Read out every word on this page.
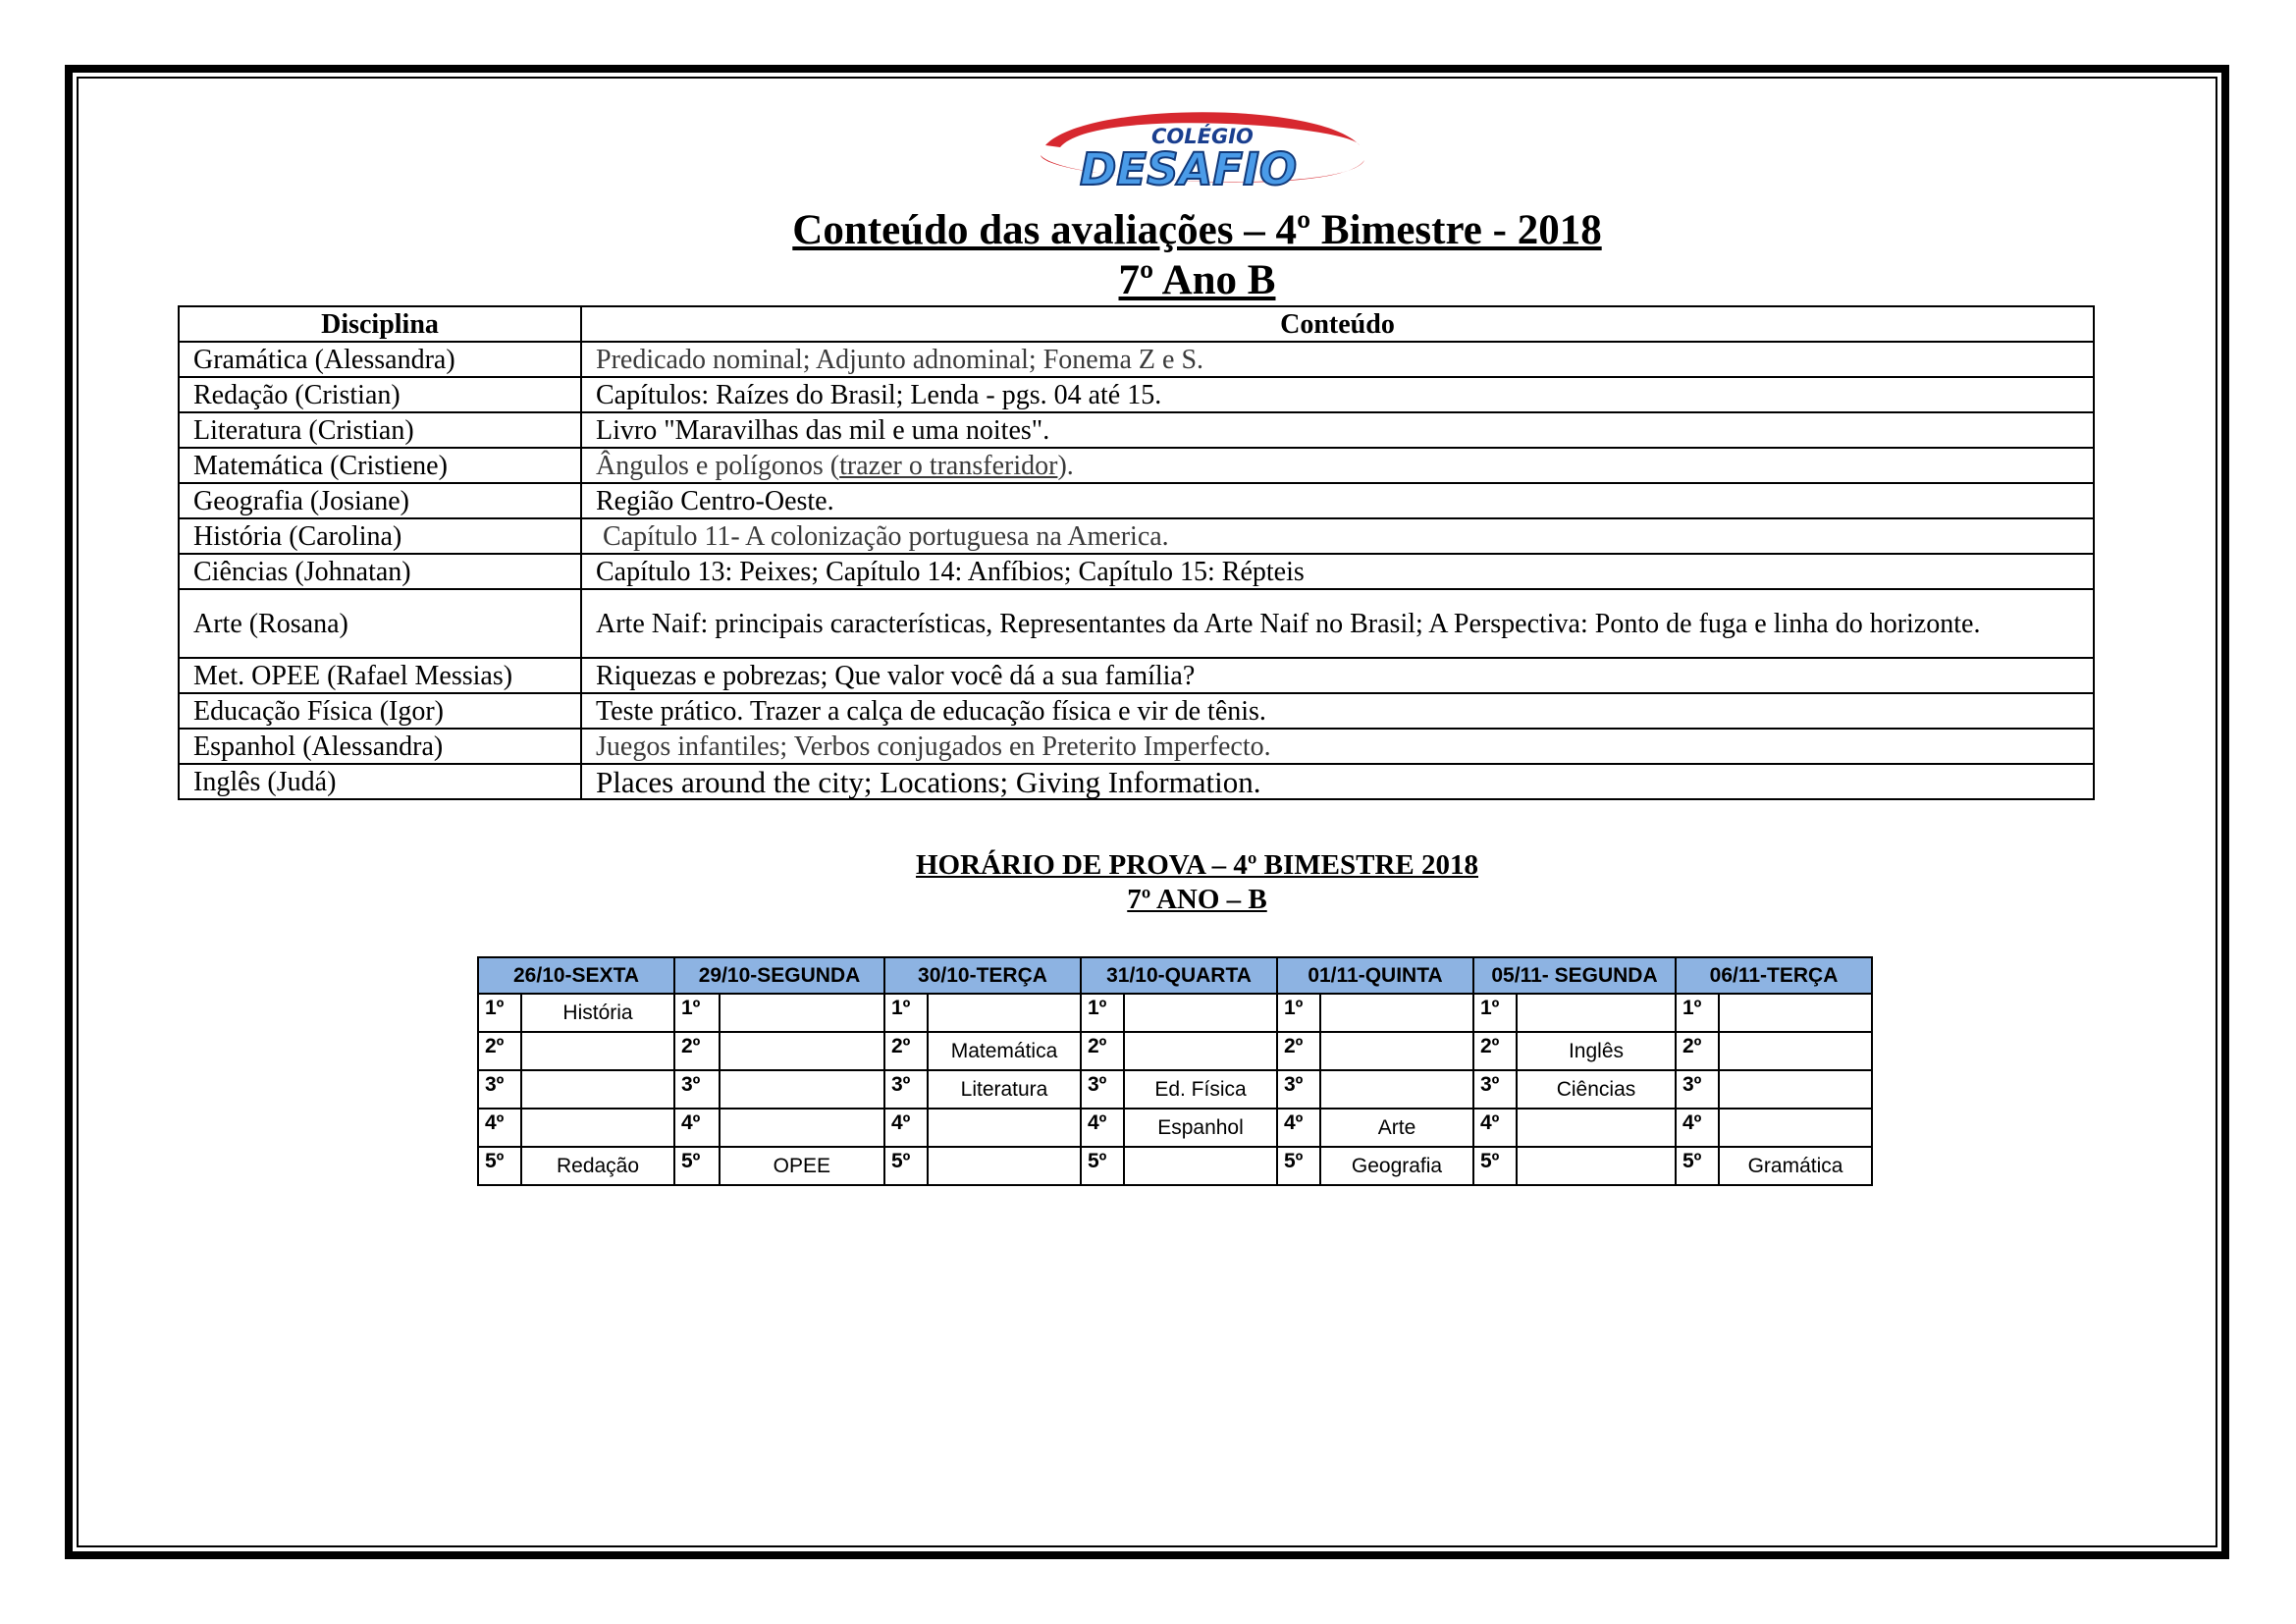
COLÉGIO
DESAFIO
Conteúdo das avaliações – 4º Bimestre - 2018
7º Ano B
Disciplina	Conteúdo
Gramática (Alessandra)	Predicado nominal; Adjunto adnominal; Fonema Z e S.
Redação (Cristian)	Capítulos: Raízes do Brasil; Lenda - pgs. 04 até 15.
Literatura (Cristian)	Livro "Maravilhas das mil e uma noites".
Matemática (Cristiene)	Ângulos e polígonos (trazer o transferidor).
Geografia (Josiane)	Região Centro-Oeste.
História (Carolina)	Capítulo 11- A colonização portuguesa na America.
Ciências (Johnatan)	Capítulo 13: Peixes; Capítulo 14: Anfíbios; Capítulo 15: Répteis
Arte (Rosana)	Arte Naif: principais características, Representantes da Arte Naif no Brasil; A Perspectiva: Ponto de fuga e linha do horizonte.
Met. OPEE (Rafael Messias)	Riquezas e pobrezas; Que valor você dá a sua família?
Educação Física (Igor)	Teste prático. Trazer a calça de educação física e vir de tênis.
Espanhol (Alessandra)	Juegos infantiles; Verbos conjugados en Preterito Imperfecto.
Inglês (Judá)	Places around the city; Locations; Giving Information.
HORÁRIO DE PROVA – 4º BIMESTRE 2018
7º ANO – B
26/10-SEXTA		29/10-SEGUNDA		30/10-TERÇA		31/10-QUARTA		01/11-QUINTA		05/11- SEGUNDA		06/11-TERÇA	
1º	História	1º		1º		1º		1º		1º		1º	
2º		2º		2º	Matemática	2º		2º		2º	Inglês	2º	
3º		3º		3º	Literatura	3º	Ed. Física	3º		3º	Ciências	3º	
4º		4º		4º		4º	Espanhol	4º	Arte	4º		4º	
5º	Redação	5º	OPEE	5º		5º		5º	Geografia	5º		5º	Gramática
